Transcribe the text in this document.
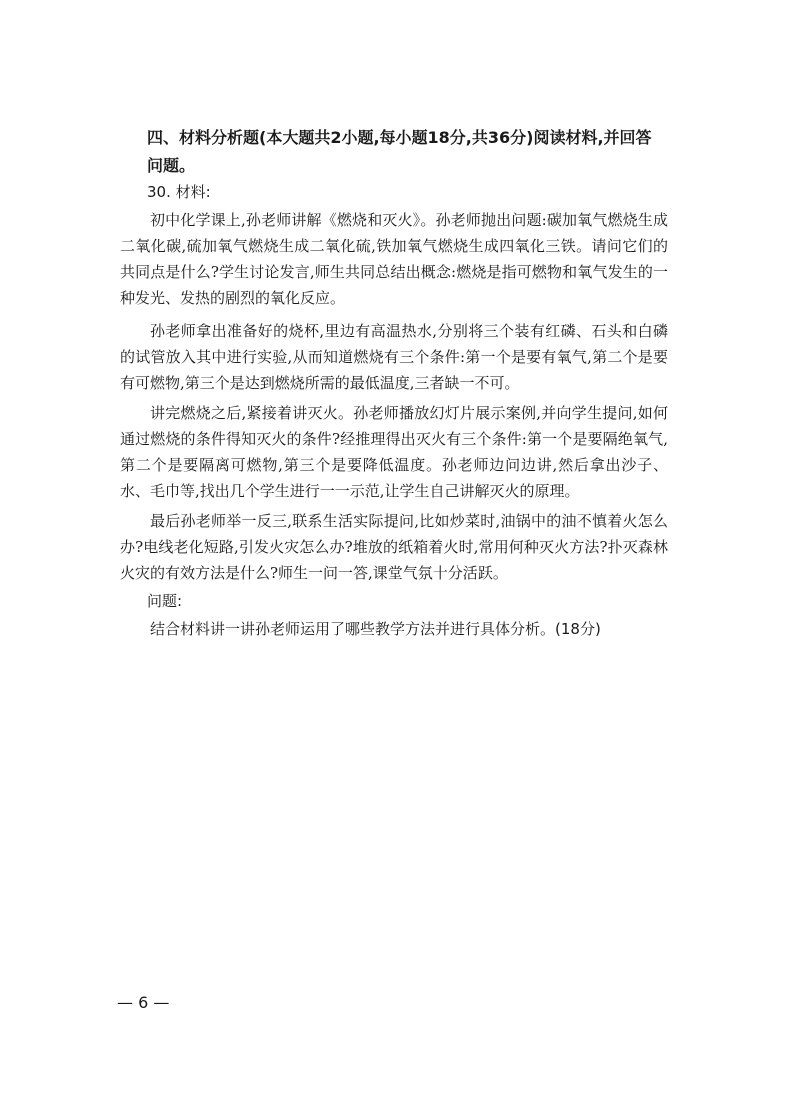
四、材料分析题(本大题共2小题,每小题18分,共36分)阅读材料,并回答问题。

30. 材料:

初中化学课上,孙老师讲解《燃烧和灭火》。孙老师抛出问题:碳加氧气燃烧生成二氧化碳,硫加氧气燃烧生成二氧化硫,铁加氧气燃烧生成四氧化三铁。请问它们的共同点是什么?学生讨论发言,师生共同总结出概念:燃烧是指可燃物和氧气发生的一种发光、发热的剧烈的氧化反应。

孙老师拿出准备好的烧杯,里边有高温热水,分别将三个装有红磷、石头和白磷的试管放入其中进行实验,从而知道燃烧有三个条件:第一个是要有氧气,第二个是要有可燃物,第三个是达到燃烧所需的最低温度,三者缺一不可。

讲完燃烧之后,紧接着讲灭火。孙老师播放幻灯片展示案例,并向学生提问,如何通过燃烧的条件得知灭火的条件?经推理得出灭火有三个条件:第一个是要隔绝氧气,第二个是要隔离可燃物,第三个是要降低温度。孙老师边问边讲,然后拿出沙子、水、毛巾等,找出几个学生进行一一示范,让学生自己讲解灭火的原理。

最后孙老师举一反三,联系生活实际提问,比如炒菜时,油锅中的油不慎着火怎么办?电线老化短路,引发火灾怎么办?堆放的纸箱着火时,常用何种灭火方法?扑灭森林火灾的有效方法是什么?师生一问一答,课堂气氛十分活跃。

问题:

结合材料讲一讲孙老师运用了哪些教学方法并进行具体分析。(18分)

— 6 —
